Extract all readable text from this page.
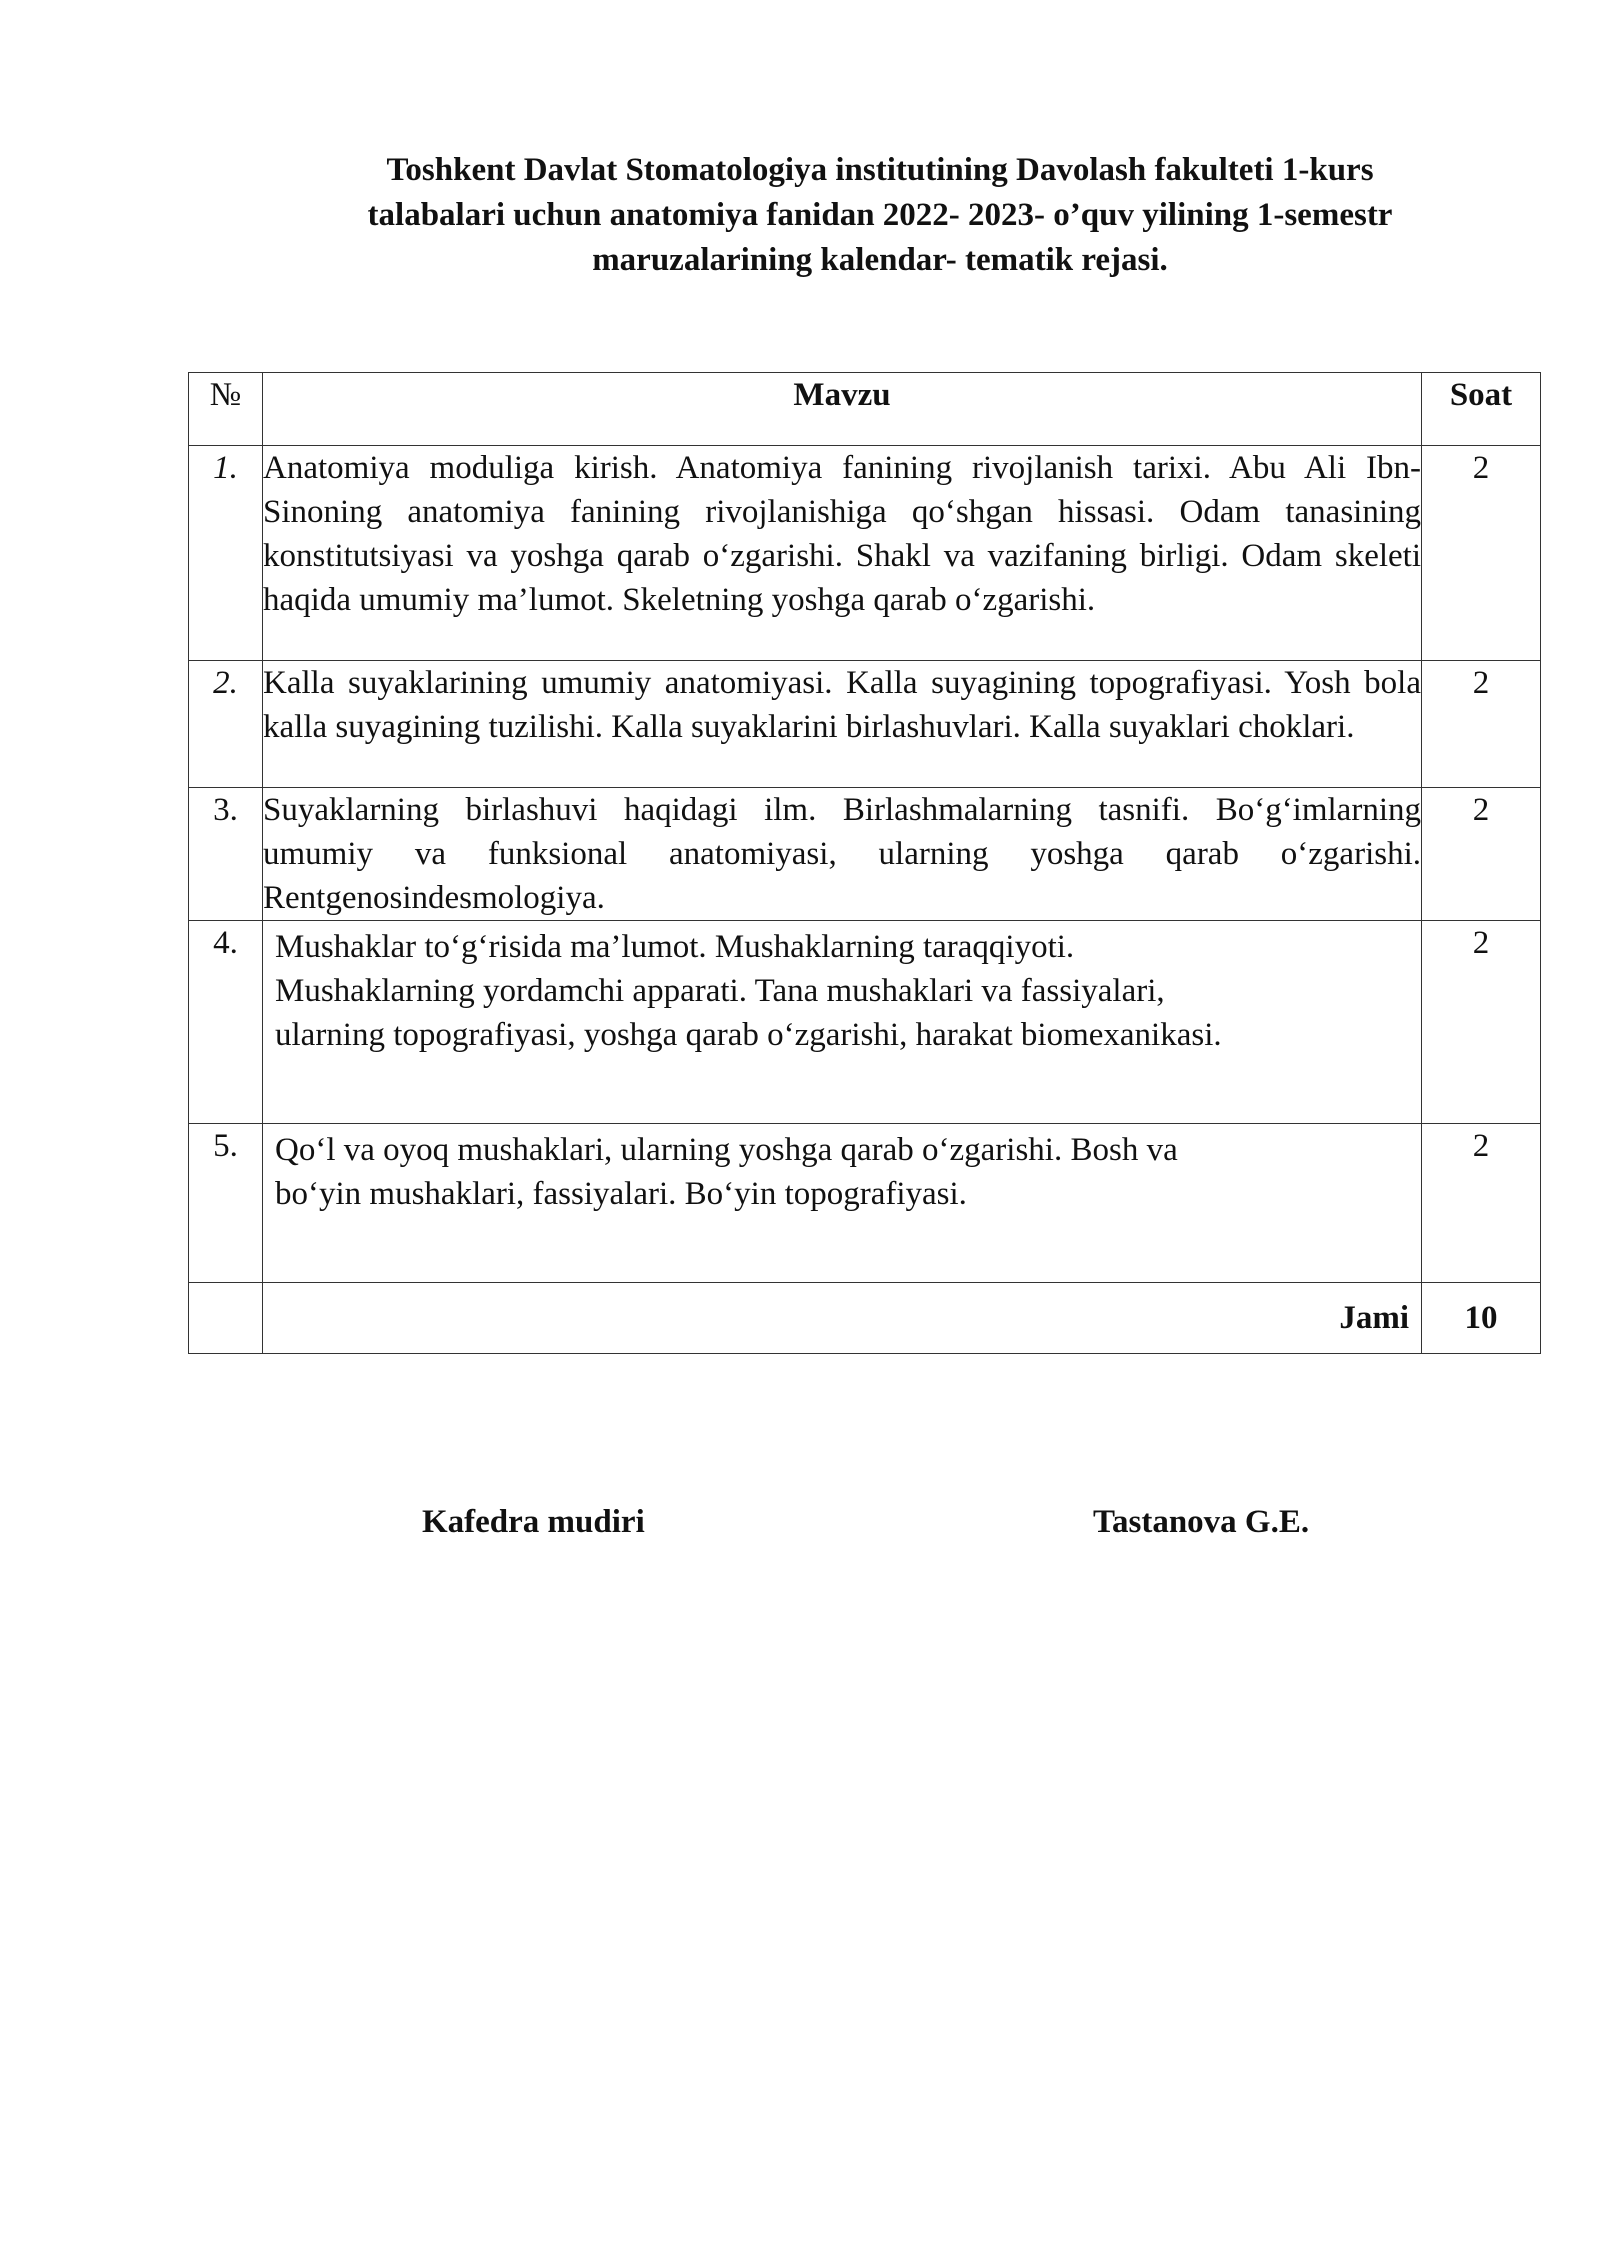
Toshkent Davlat Stomatologiya institutining Davolash fakulteti 1-kurs
talabalari uchun anatomiya fanidan 2022- 2023- o’quv yilining 1-semestr
maruzalarining kalendar- tematik rejasi.
№	Mavzu	Soat
1.	Anatomiya moduliga kirish. Anatomiya fanining rivojlanish tarixi. Abu Ali Ibn-Sinoning anatomiya fanining rivojlanishiga qo‘shgan hissasi. Odam tanasining konstitutsiyasi va yoshga qarab o‘zgarishi. Shakl va vazifaning birligi. Odam skeleti haqida umumiy ma’lumot. Skeletning yoshga qarab o‘zgarishi.	2
2.	Kalla suyaklarining umumiy anatomiyasi. Kalla suyagining topografiyasi. Yosh bola kalla suyagining tuzilishi. Kalla suyaklarini birlashuvlari. Kalla suyaklari choklari.	2
3.	Suyaklarning birlashuvi haqidagi ilm. Birlashmalarning tasnifi. Bo‘g‘imlarning umumiy va funksional anatomiyasi, ularning yoshga qarab o‘zgarishi. Rentgenosindesmologiya.	2
4.	Mushaklar to‘g‘risida ma’lumot. Mushaklarning taraqqiyoti.
Mushaklarning yordamchi apparati. Tana mushaklari va fassiyalari,
ularning topografiyasi, yoshga qarab o‘zgarishi, harakat biomexanikasi.	2
5.	Qo‘l va oyoq mushaklari, ularning yoshga qarab o‘zgarishi. Bosh va
bo‘yin mushaklari, fassiyalari. Bo‘yin topografiyasi.	2
	Jami	10
Kafedra mudiri	Tastanova G.E.
